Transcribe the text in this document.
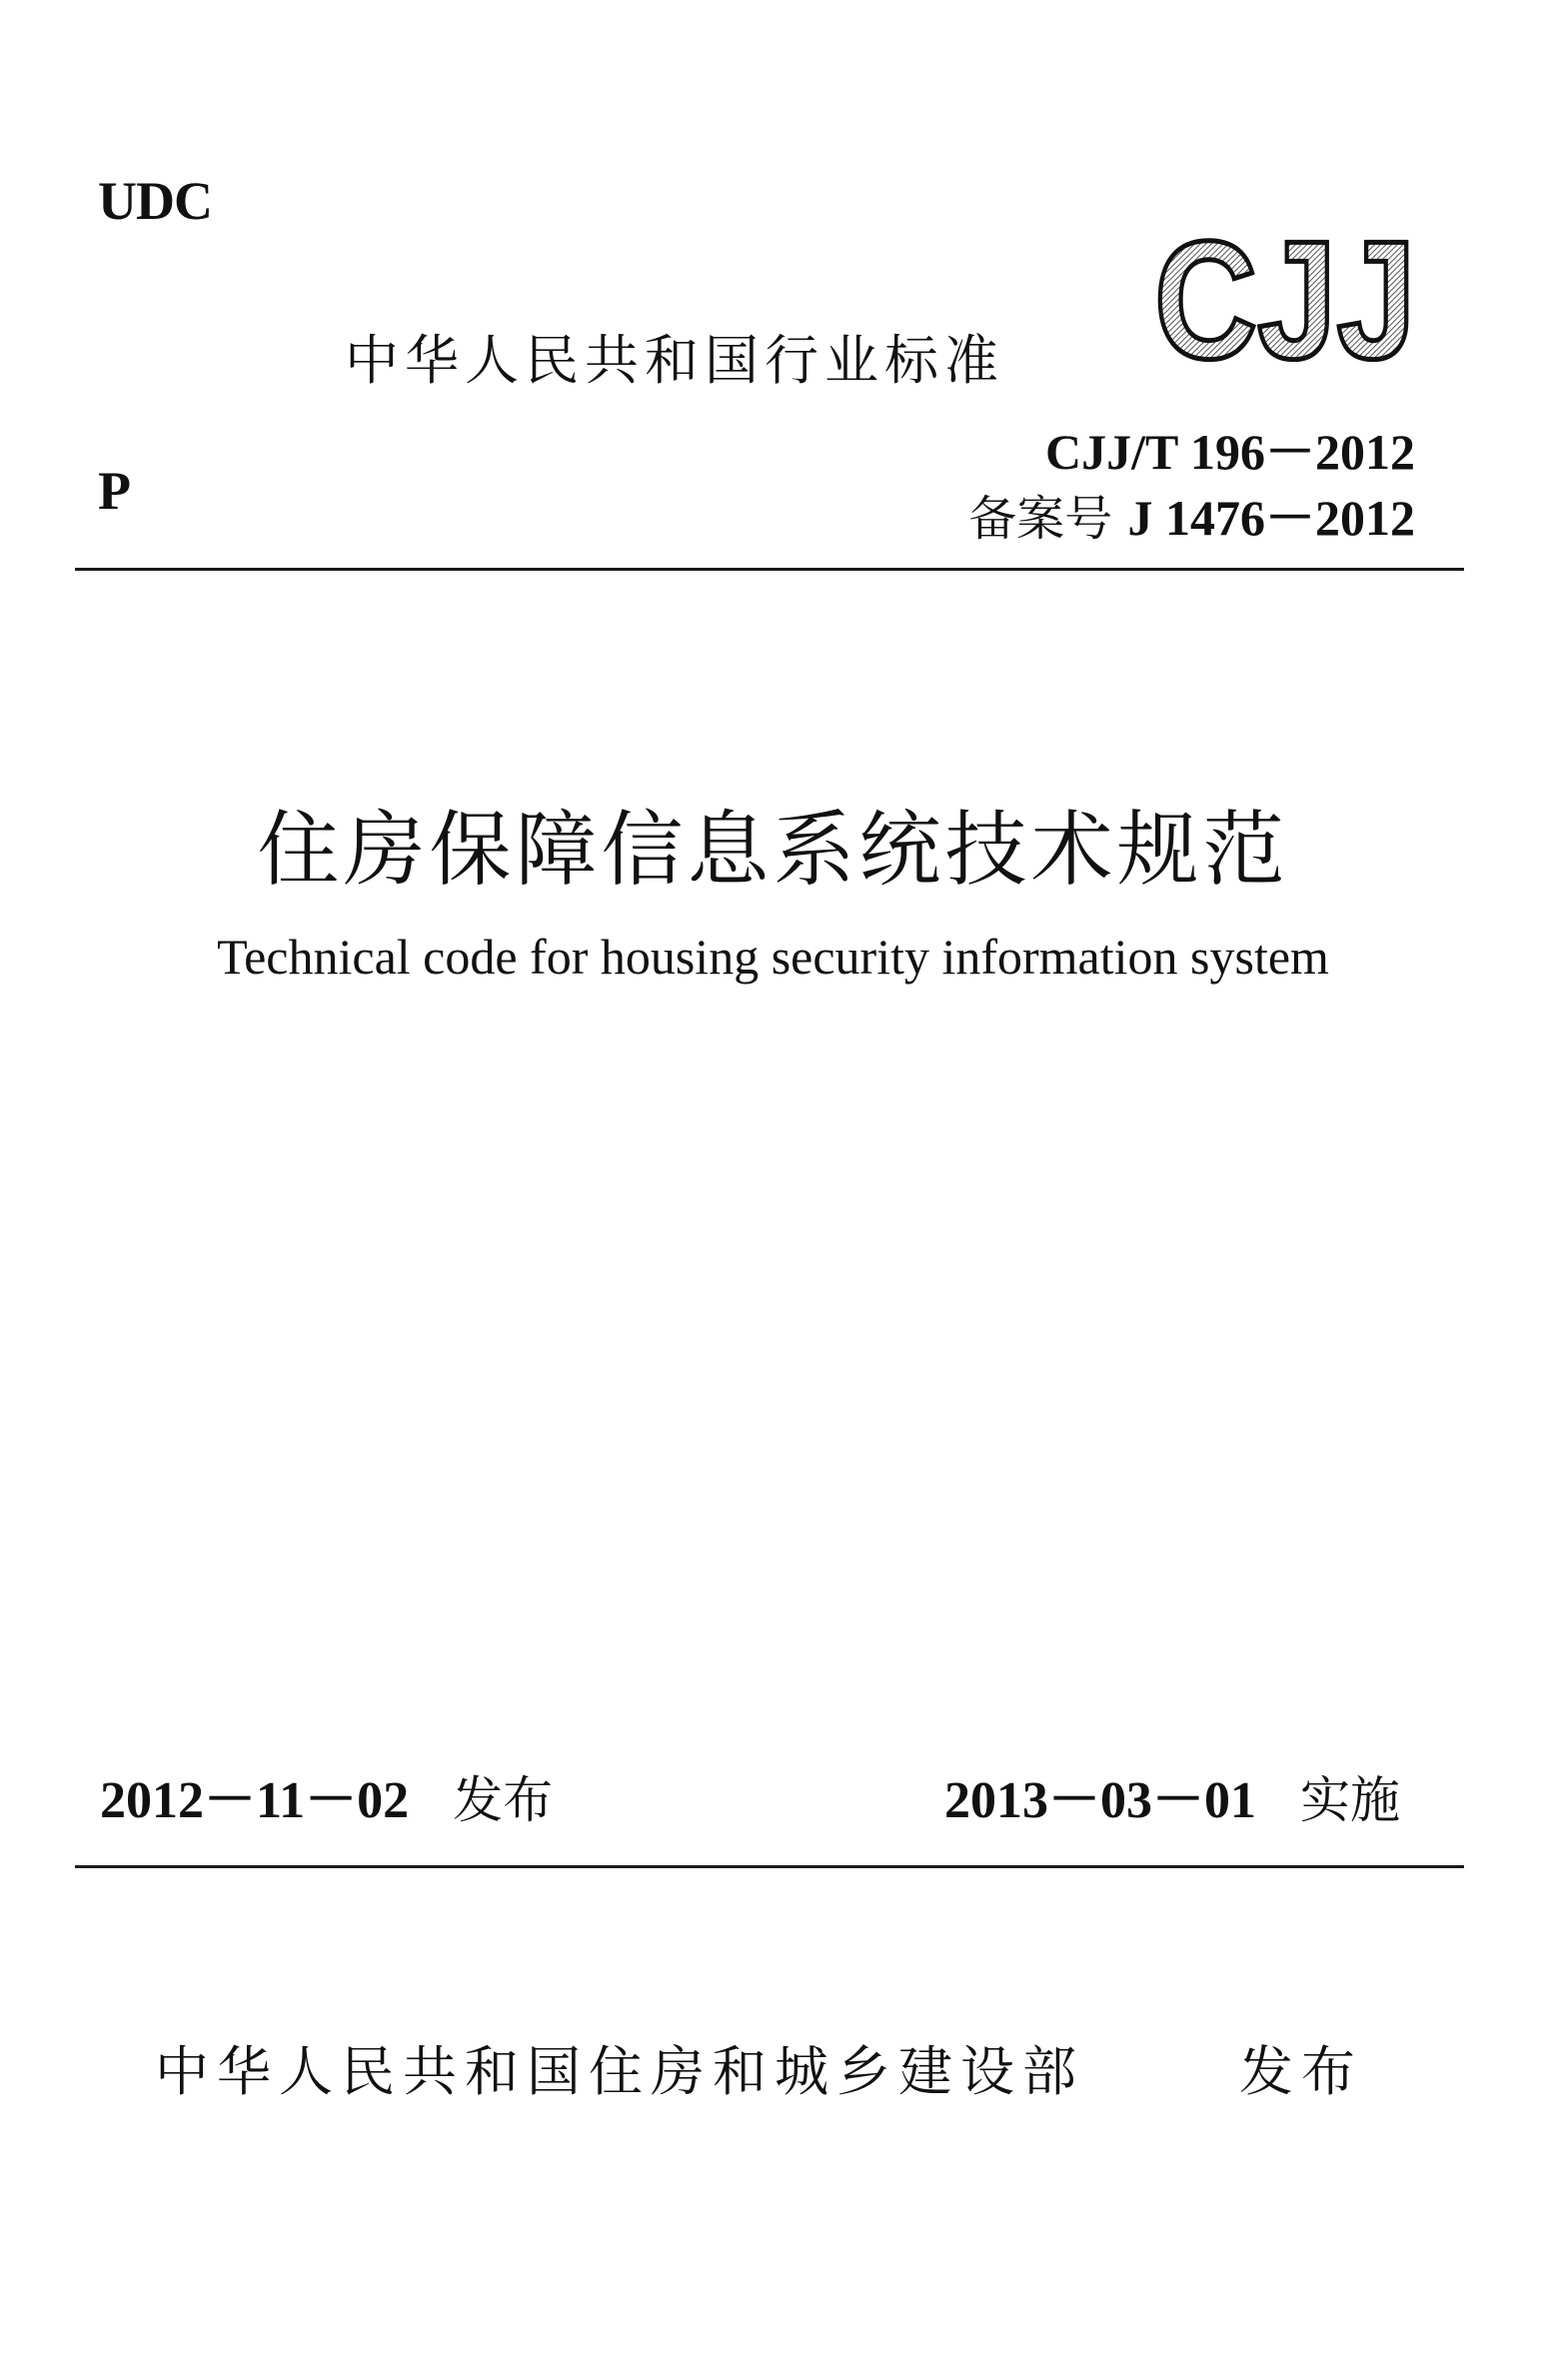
UDC
中华人民共和国行业标准 CJJ
P
CJJ/T 196－2012
备案号 J 1476－2012
住房保障信息系统技术规范
Technical code for housing security information system
2012－11－02 发布	2013－03－01 实施
中华人民共和国住房和城乡建设部	发布
